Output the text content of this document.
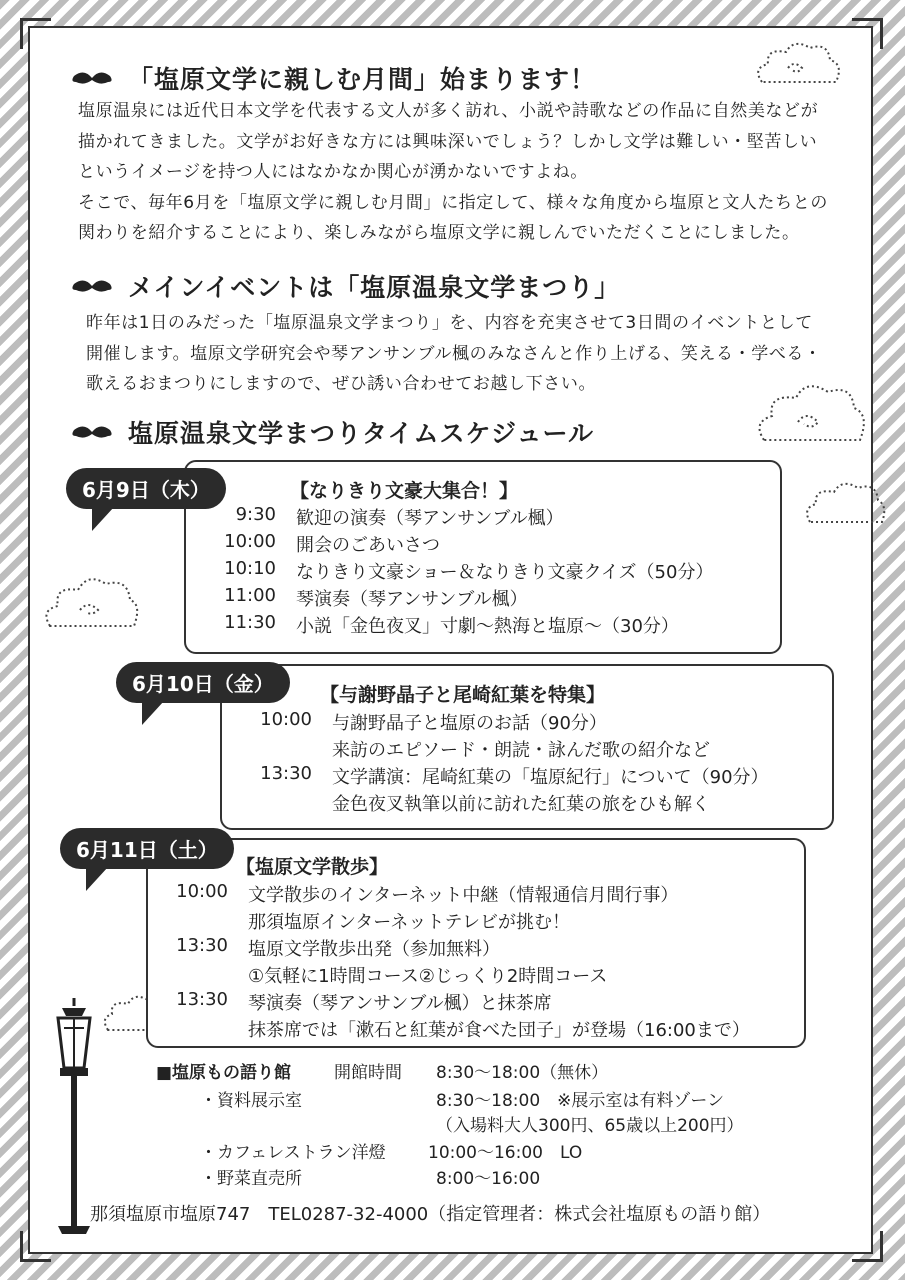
「塩原文学に親しむ月間」始まります！
塩原温泉には近代日本文学を代表する文人が多く訪れ、小説や詩歌などの作品に自然美などが
描かれてきました。文学がお好きな方には興味深いでしょう？しかし文学は難しい・堅苦しい
というイメージを持つ人にはなかなか関心が湧かないですよね。
そこで、毎年6月を「塩原文学に親しむ月間」に指定して、様々な角度から塩原と文人たちとの
関わりを紹介することにより、楽しみながら塩原文学に親しんでいただくことにしました。
メインイベントは「塩原温泉文学まつり」
昨年は1日のみだった「塩原温泉文学まつり」を、内容を充実させて3日間のイベントとして
開催します。塩原文学研究会や琴アンサンブル楓のみなさんと作り上げる、笑える・学べる・
歌えるおまつりにしますので、ぜひ誘い合わせてお越し下さい。
塩原温泉文学まつりタイムスケジュール
6月9日（木）	【なりきり文豪大集合！】
9:30 歓迎の演奏（琴アンサンブル楓）
10:00 開会のごあいさつ
10:10 なりきり文豪ショー＆なりきり文豪クイズ（50分）
11:00 琴演奏（琴アンサンブル楓）
11:30 小説「金色夜叉」寸劇〜熱海と塩原〜（30分）
6月10日（金）	【与謝野晶子と尾崎紅葉を特集】
10:00 与謝野晶子と塩原のお話（90分）
来訪のエピソード・朗読・詠んだ歌の紹介など
13:30 文学講演：尾崎紅葉の「塩原紀行」について（90分）
金色夜叉執筆以前に訪れた紅葉の旅をひも解く
6月11日（土）
【塩原文学散歩】
10:00 文学散歩のインターネット中継（情報通信月間行事）
那須塩原インターネットテレビが挑む！
13:30 塩原文学散歩出発（参加無料）
①気軽に1時間コース②じっくり2時間コース
13:30 琴演奏（琴アンサンブル楓）と抹茶席
抹茶席では「漱石と紅葉が食べた団子」が登場（16:00まで）
■塩原もの語り館	開館時間 8:30〜18:00（無休）
・資料展示室	8:30〜18:00　※展示室は有料ゾーン
（入場料大人300円、65歳以上200円）
・カフェレストラン洋燈 10:00〜16:00　LO
・野菜直売所	8:00〜16:00
那須塩原市塩原747　TEL0287-32-4000（指定管理者：株式会社塩原もの語り館）
